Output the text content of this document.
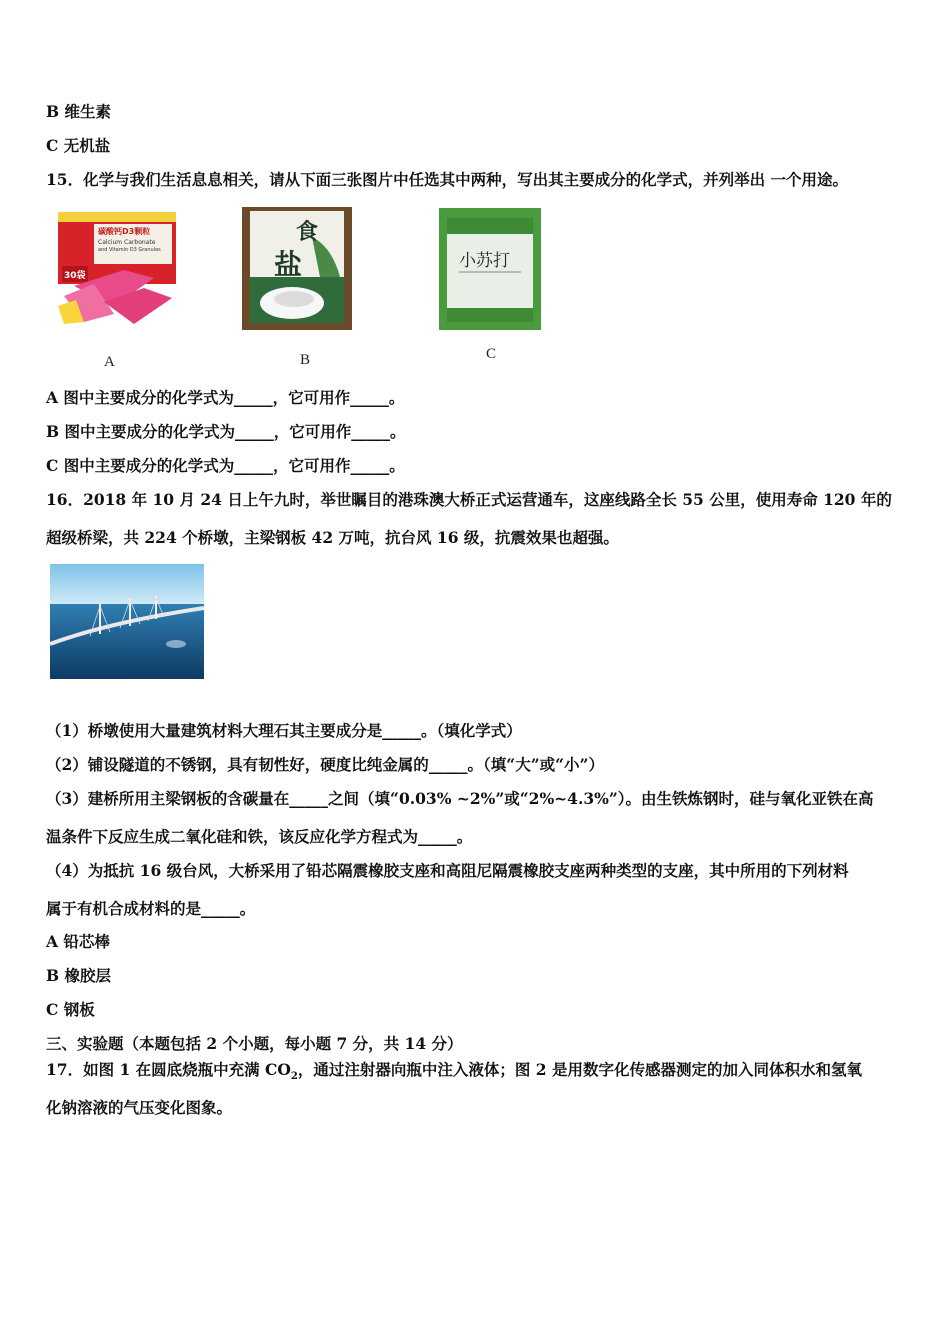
B 维生素
C 无机盐
15．化学与我们生活息息相关，请从下面三张图片中任选其中两种，写出其主要成分的化学式，并列举出 一个用途。
碳酸钙D3颗粒
Calcium Carbonate
and Vitamin D3 Granules
30袋
A
食
盐
B
小苏打
C
A 图中主要成分的化学式为_____，它可用作_____。
B 图中主要成分的化学式为_____，它可用作_____。
C 图中主要成分的化学式为_____，它可用作_____。
16．2018 年 10 月 24 日上午九时，举世瞩目的港珠澳大桥正式运营通车，这座线路全长 55 公里，使用寿命 120 年的
超级桥梁，共 224 个桥墩，主梁钢板 42 万吨，抗台风 16 级，抗震效果也超强。
（1）桥墩使用大量建筑材料大理石其主要成分是_____。（填化学式）
（2）铺设隧道的不锈钢，具有韧性好，硬度比纯金属的_____。（填“大”或“小”）
（3）建桥所用主梁钢板的含碳量在_____之间（填“0.03% ~2%”或“2%~4.3%”）。由生铁炼钢时，硅与氧化亚铁在高
温条件下反应生成二氧化硅和铁，该反应化学方程式为_____。
（4）为抵抗 16 级台风，大桥采用了铅芯隔震橡胶支座和高阻尼隔震橡胶支座两种类型的支座，其中所用的下列材料
属于有机合成材料的是_____。
A 铅芯棒
B 橡胶层
C 钢板
三、实验题（本题包括 2 个小题，每小题 7 分，共 14 分）
17．如图 1 在圆底烧瓶中充满 $CO_2$，通过注射器向瓶中注入液体；图 2 是用数字化传感器测定的加入同体积水和氢氧
化钠溶液的气压变化图象。
